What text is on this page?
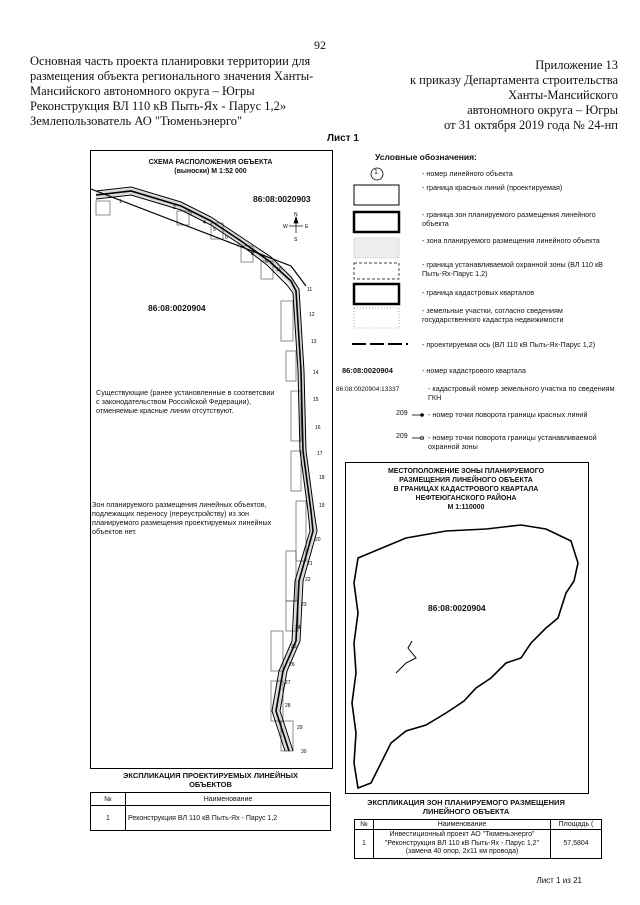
92
Основная часть проекта планировки территории для
размещения объекта регионального значения Ханты-
Мансийского автономного округа – Югры
Реконструкция ВЛ 110 кВ Пыть-Ях - Парус 1,2»
Землепользователь АО "Тюменьэнерго"
Приложение 13
к приказу Департамента строительства
Ханты-Мансийского
автономного округа – Югры
от 31 октября 2019 года № 24-нп
Лист 1
N
S
W	E
1
2
3
4
5
6
7
8
9
10
11
12
13
14
15
16
17
18
19
20
21
22
23
24
25
26
27
28
29
30
СХЕМА РАСПОЛОЖЕНИЯ ОБЪЕКТА
(выноски) М 1:52 000
86:08:0020903
86:08:0020904
Существующие (ранее установленные в соответсвии с законодательством Российской Федерации), отменяемые красные линии отсутствуют.
Зон планируемого размещения линейных объектов, подлежащих переносу (переустройству) из зон планируемого размещения проектируемых линейных объектов нет.
Условные обозначения:
1	- номер линейного объекта
- граница красных линий (проектируемая)
- граница зон планируемого размещения линейного объекта
- зона планируемого размещения линейного объекта
- граница устанавливаемой охранной зоны (ВЛ 110 кВ Пыть-Ях-Парус 1,2)
- граница кадастровых кварталов
- земельные участки, согласно сведениям государственного кадастра недвижимости
- проектируемая ось (ВЛ 110 кВ Пыть-Ях-Парус 1,2)
86:08:0020904	- номер кадастрового квартала
86:08:0020904:13337	- кадастровый номер земельного участка по сведениям ГКН
209	- номер точки поворота границы красных линий
209	- номер точки поворота границы устанавливаемой охранной зоны
МЕСТОПОЛОЖЕНИЕ ЗОНЫ ПЛАНИРУЕМОГО
РАЗМЕЩЕНИЯ ЛИНЕЙНОГО ОБЪЕКТА
В ГРАНИЦАХ КАДАСТРОВОГО КВАРТАЛА
НЕФТЕЮГАНСКОГО РАЙОНА
М 1:110000
86:08:0020904
ЭКСПЛИКАЦИЯ ПРОЕКТИРУЕМЫХ ЛИНЕЙНЫХ
ОБЪЕКТОВ
№	Наименование
1	Реконструкция ВЛ 110 кВ Пыть-Ях - Парус 1,2
ЭКСПЛИКАЦИЯ ЗОН ПЛАНИРУЕМОГО РАЗМЕЩЕНИЯ
ЛИНЕЙНОГО ОБЪЕКТА
№	Наименование	Площадь (
1	Инвестиционный проект АО "Тюменьэнерго" "Реконструкция ВЛ 110 кВ Пыть-Ях - Парус 1,2" (замена 40 опор, 2х11 км провода)	57,5804
Лист 1 из 21
